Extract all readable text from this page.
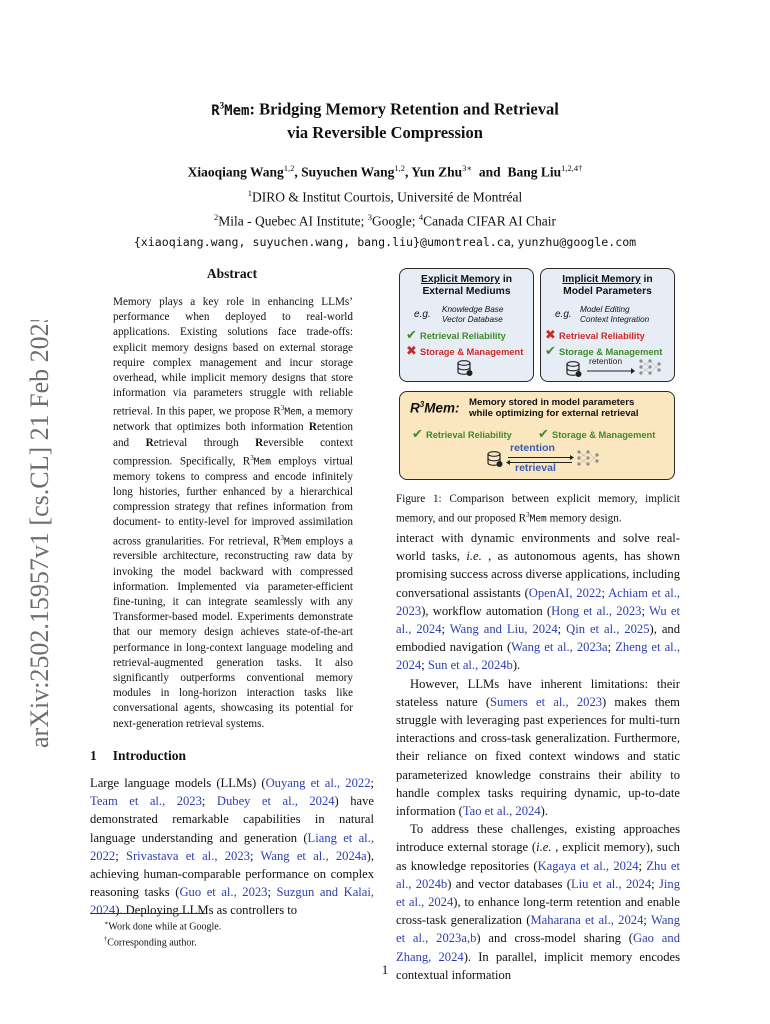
arXiv:2502.15957v1 [cs.CL] 21 Feb 2025
$R^3Mem$: Bridging Memory Retention and Retrieval
via Reversible Compression
Xiaoqiang Wang$^{1,2}$, Suyuchen Wang$^{1,2}$, Yun Zhu$^{3∗}$ and Bang Liu$^{1,2,4\dagger}$
$^1$DIRO & Institut Courtois, Université de Montréal
$^2$Mila - Quebec AI Institute; $^3$Google; $^4$Canada CIFAR AI Chair
{xiaoqiang.wang, suyuchen.wang, bang.liu}@umontreal.ca, yunzhu@google.com
Abstract
Memory plays a key role in enhancing LLMs’ performance when deployed to real-world applications. Existing solutions face trade-offs: explicit memory designs based on external storage require complex management and incur storage overhead, while implicit memory designs that store information via parameters struggle with reliable retrieval. In this paper, we propose $R^3Mem$, a memory network that optimizes both information Retention and Retrieval through Reversible context compression. Specifically, $R^3Mem$ employs virtual memory tokens to compress and encode infinitely long histories, further enhanced by a hierarchical compression strategy that refines information from document- to entity-level for improved assimilation across granularities. For retrieval, $R^3Mem$ employs a reversible architecture, reconstructing raw data by invoking the model backward with compressed information. Implemented via parameter-efficient fine-tuning, it can integrate seamlessly with any Transformer-based model. Experiments demonstrate that our memory design achieves state-of-the-art performance in long-context language modeling and retrieval-augmented generation tasks. It also significantly outperforms conventional memory modules in long-horizon interaction tasks like conversational agents, showcasing its potential for next-generation retrieval systems.
1 Introduction

Large language models (LLMs) (Ouyang et al., 2022; Team et al., 2023; Dubey et al., 2024) have demonstrated remarkable capabilities in natural language understanding and generation (Liang et al., 2022; Srivastava et al., 2023; Wang et al., 2024a), achieving human-comparable performance on complex reasoning tasks (Guo et al., 2023; Suzgun and Kalai, 2024). Deploying LLMs as controllers to

∗Work done while at Google.
†Corresponding author.
Explicit Memory in
External Mediums
e.g. Knowledge Base
Vector Database
✔ Retrieval Reliability
✖ Storage & Management
Implicit Memory in
Model Parameters
e.g. Model Editing
Context Integration
✖ Retrieval Reliability
✔ Storage & Management
retention
$R^3Mem$: Memory stored in model parameters
while optimizing for external retrieval
✔ Retrieval Reliability ✔ Storage & Management
retention
retrieval
Figure 1: Comparison between explicit memory, implicit memory, and our proposed $R^3Mem$ memory design.

interact with dynamic environments and solve real-world tasks, i.e. , as autonomous agents, has shown promising success across diverse applications, including conversational assistants (OpenAI, 2022; Achiam et al., 2023), workflow automation (Hong et al., 2023; Wu et al., 2024; Wang and Liu, 2024; Qin et al., 2025), and embodied navigation (Wang et al., 2023a; Zheng et al., 2024; Sun et al., 2024b).

However, LLMs have inherent limitations: their stateless nature (Sumers et al., 2023) makes them struggle with leveraging past experiences for multi-turn interactions and cross-task generalization. Furthermore, their reliance on fixed context windows and static parameterized knowledge constrains their ability to handle complex tasks requiring dynamic, up-to-date information (Tao et al., 2024).

To address these challenges, existing approaches introduce external storage (i.e. , explicit memory), such as knowledge repositories (Kagaya et al., 2024; Zhu et al., 2024b) and vector databases (Liu et al., 2024; Jing et al., 2024), to enhance long-term retention and enable cross-task generalization (Maharana et al., 2024; Wang et al., 2023a,b) and cross-model sharing (Gao and Zhang, 2024). In parallel, implicit memory encodes contextual information

1
